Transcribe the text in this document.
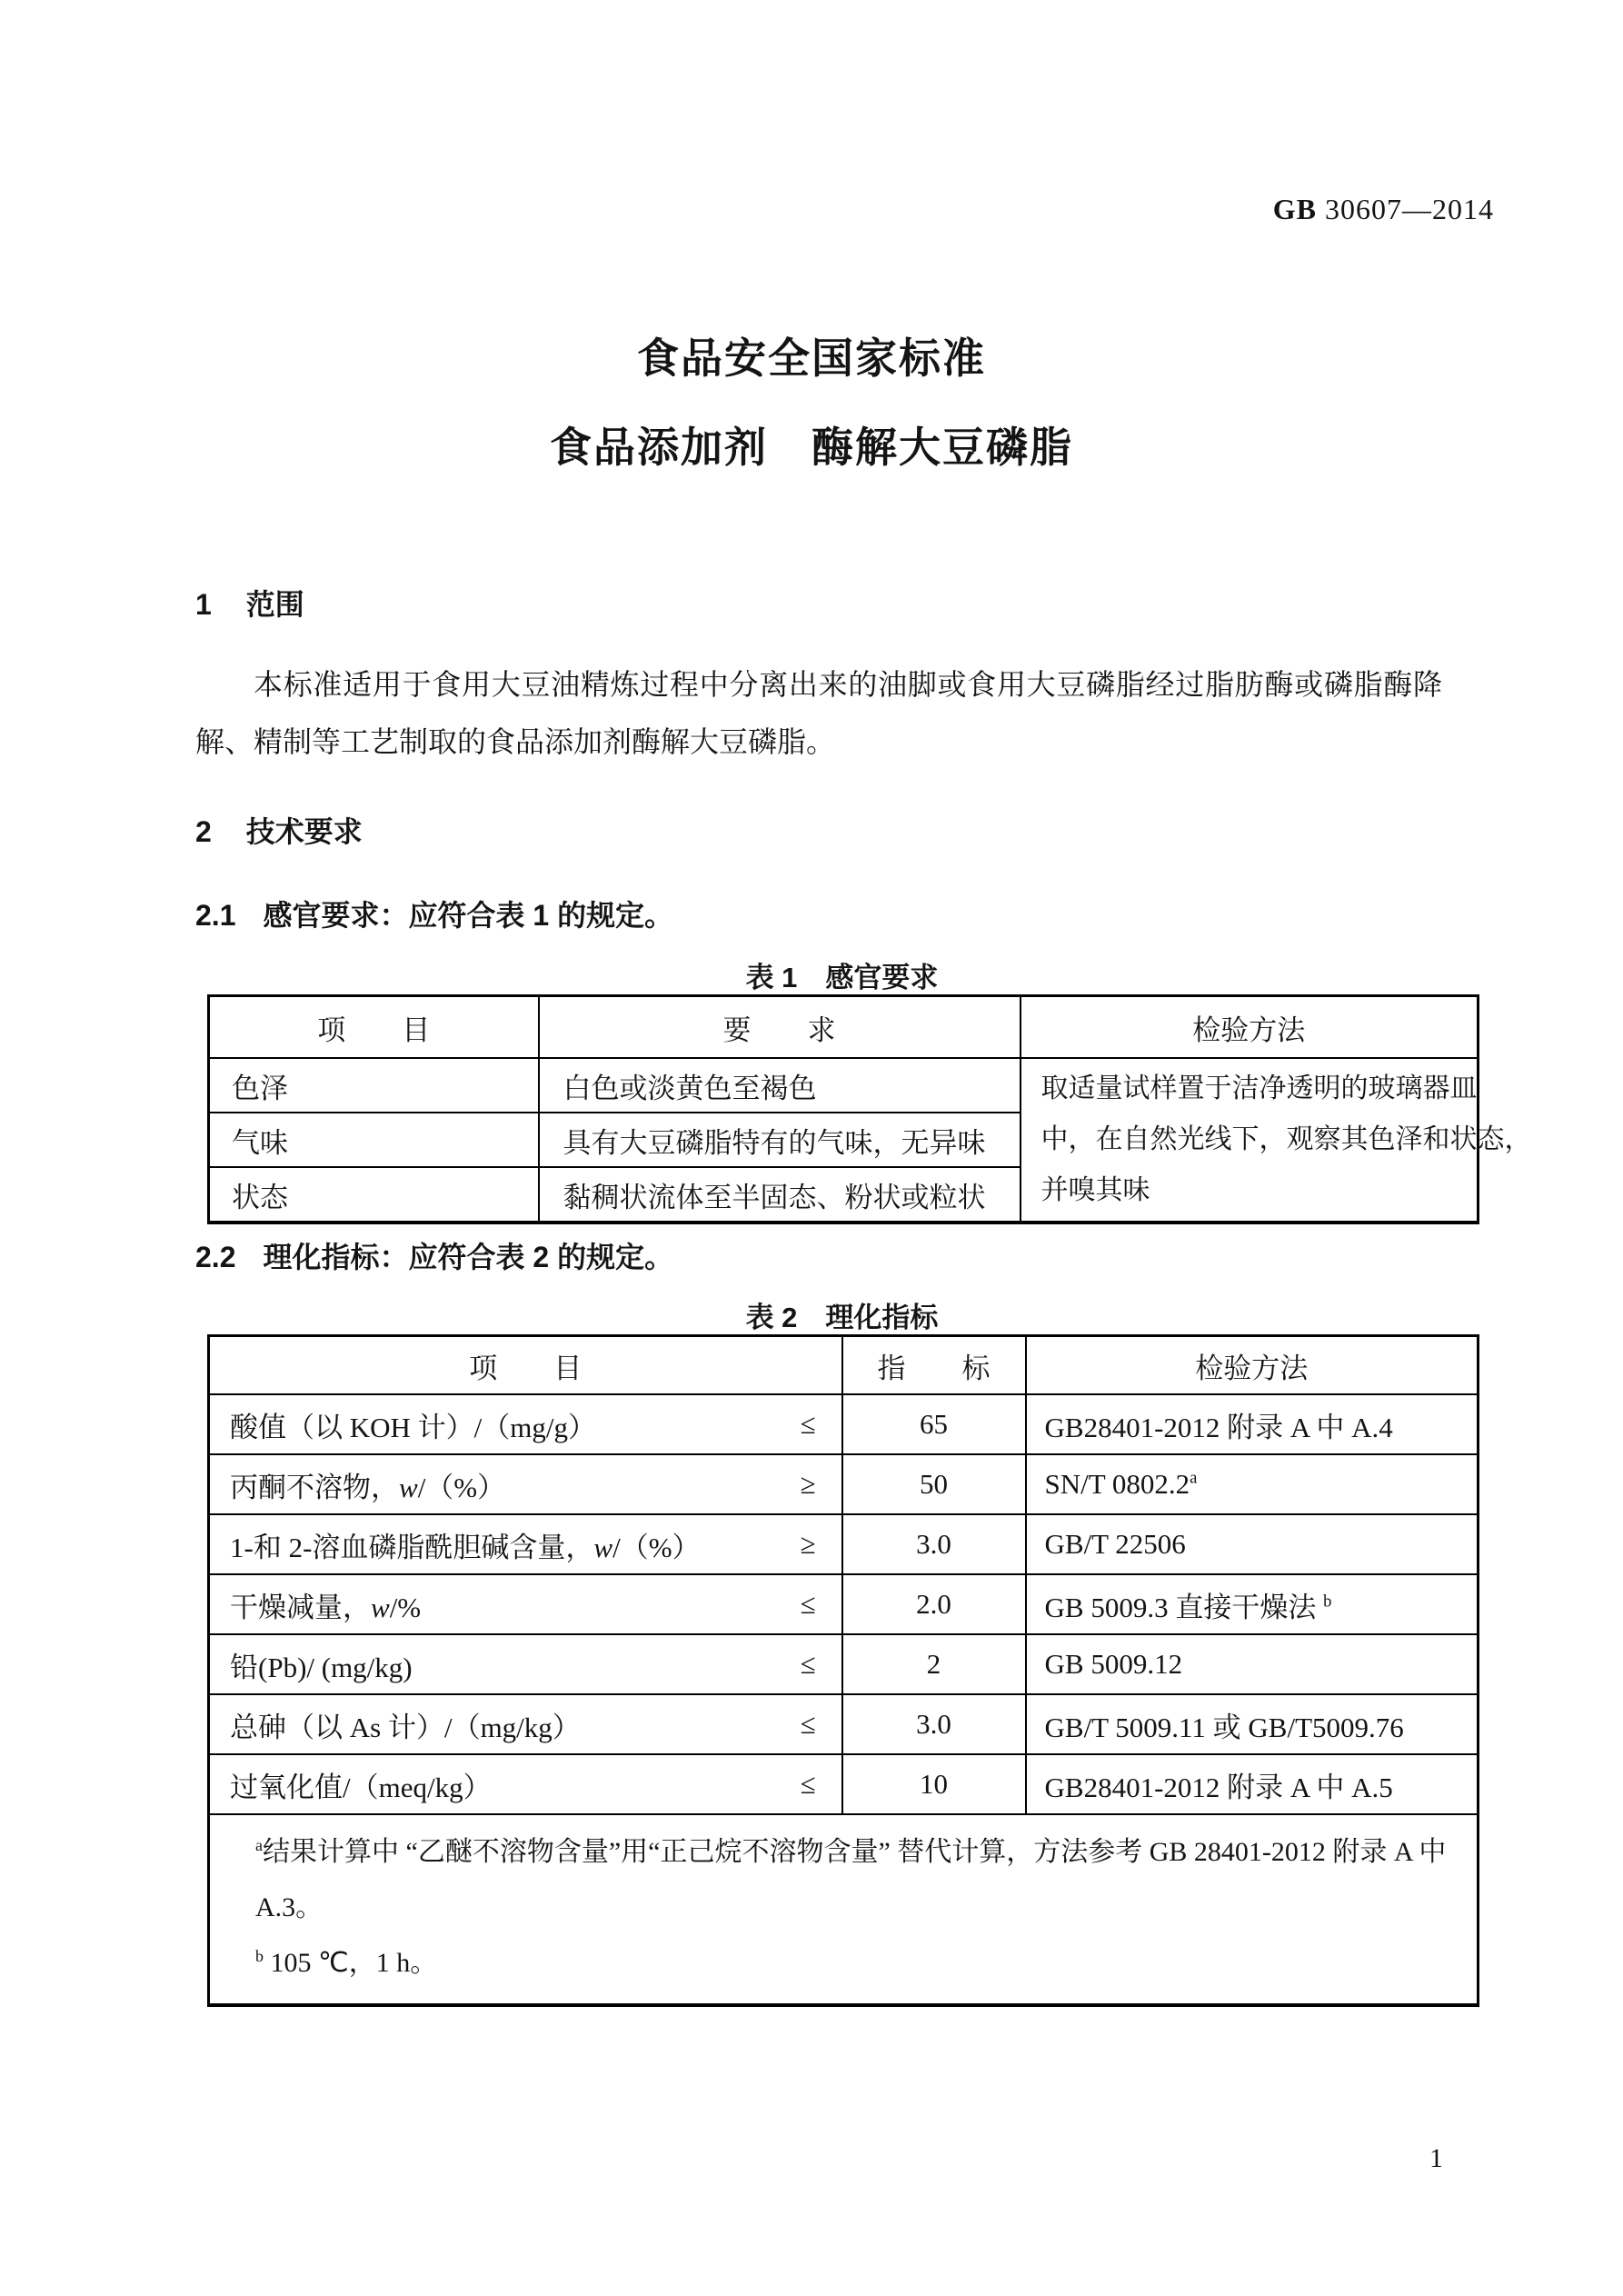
GB 30607—2014
食品安全国家标准
食品添加剂　酶解大豆磷脂
1 范围

本标准适用于食用大豆油精炼过程中分离出来的油脚或食用大豆磷脂经过脂肪酶或磷脂酶降解、精制等工艺制取的食品添加剂酶解大豆磷脂。

2 技术要求
2.1 感官要求：应符合表 1 的规定。
表 1　感官要求
项　　目	要　　求	检验方法
色泽	白色或淡黄色至褐色	取适量试样置于洁净透明的玻璃器皿
中，在自然光线下，观察其色泽和状态，
并嗅其味

气味	具有大豆磷脂特有的气味，无异味	
状态	黏稠状流体至半固态、粉状或粒状	
2.2 理化指标：应符合表 2 的规定。
表 2　理化指标
项　　目	指　　标	检验方法
酸值（以 KOH 计）/（mg/g） ≤	65	GB28401-2012 附录 A 中 A.4
丙酮不溶物，w/（%） ≥	50	SN/T 0802.2$^a$
1-和 2-溶血磷脂酰胆碱含量，w/（%） ≥	3.0	GB/T 22506
干燥减量，w/% ≤	2.0	GB 5009.3 直接干燥法 $^b$
铅(Pb)/ (mg/kg) ≤	2	GB 5009.12
总砷（以 As 计）/（mg/kg） ≤	3.0	GB/T 5009.11 或 GB/T5009.76
过氧化值/（meq/kg） ≤	10	GB28401-2012 附录 A 中 A.5

$^a$结果计算中 “乙醚不溶物含量”用“正己烷不溶物含量” 替代计算，方法参考 GB 28401-2012 附录 A 中 A.3。
$^b$ 105 ℃，1 h。		
1
